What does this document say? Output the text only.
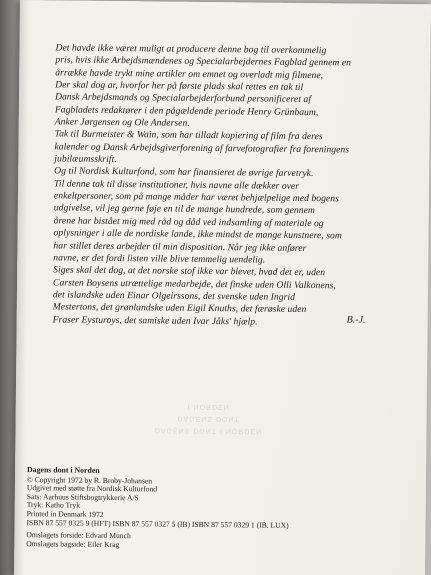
Det havde ikke været muligt at producere denne bog til overkommelig
pris, hvis ikke Arbejdsmændenes og Specialarbejdernes Fagblad gennem en
årrække havde trykt mine artikler om emnet og overladt mig filmene,
Der skal dog ar, hvorfor her på første plads skal rettes en tak til
Dansk Arbejdsmands og Specialarbejderforbund personificeret af
Fagbladets redaktører i den pågældende periode Henry Grünbaum,
Anker Jørgensen og Ole Andersen.
Tak til Burmeister & Wain, som har tilladt kopiering af film fra deres
kalender og Dansk Arbejdsgiverforening af farvefotografier fra foreningens
jubilæumsskrift.
Og til Nordisk Kulturfond, som har finansieret de øvrige farvetryk.
Til denne tak til disse institutioner, hvis navne alle dækker over
enkeltpersoner, som på mange måder har været behjælpelige med bogens
udgivelse, vil jeg gerne føje en til de mange hundrede, som gennem
årene har bistået mig med råd og dåd ved indsamling af materiale og
oplysninger i alle de nordiske lande, ikke mindst de mange kunstnere, som
har stillet deres arbejder til min disposition. Når jeg ikke anfører
navne, er det fordi listen ville blive temmelig uendelig.
Siges skal det dog, at det norske stof ikke var blevet, hvad det er, uden
Carsten Boysens utrættelige medarbejde, det finske uden Olli Valkonens,
det islandske uden Einar Olgeirssons, det svenske uden Ingrid
Mestertons, det grønlandske uden Eigil Knuths, det færøske uden
Fraser Eysturoys, det samiske uden Ivar Jåks' hjælp.	B.-J.
DAGENS DONT I NORDEN
DAGENS DONT
I NORDEN
Dagens dont i Norden
© Copyright 1972 by R. Broby-Johansen
Udgivet med støtte fra Nordisk Kulturfond
Sats: Aarhuus Stiftsbogtrykkerie A/S
Tryk: Katho Tryk
Printed in Denmark 1972
ISBN 87 557 0325 9 (HFT) ISBN 87 557 0327 5 (IB) ISBN 87 557 0329 1 (IB. LUX)
Omslagets forside: Edvard Munch
Omslagets bagside: Eiler Krag
